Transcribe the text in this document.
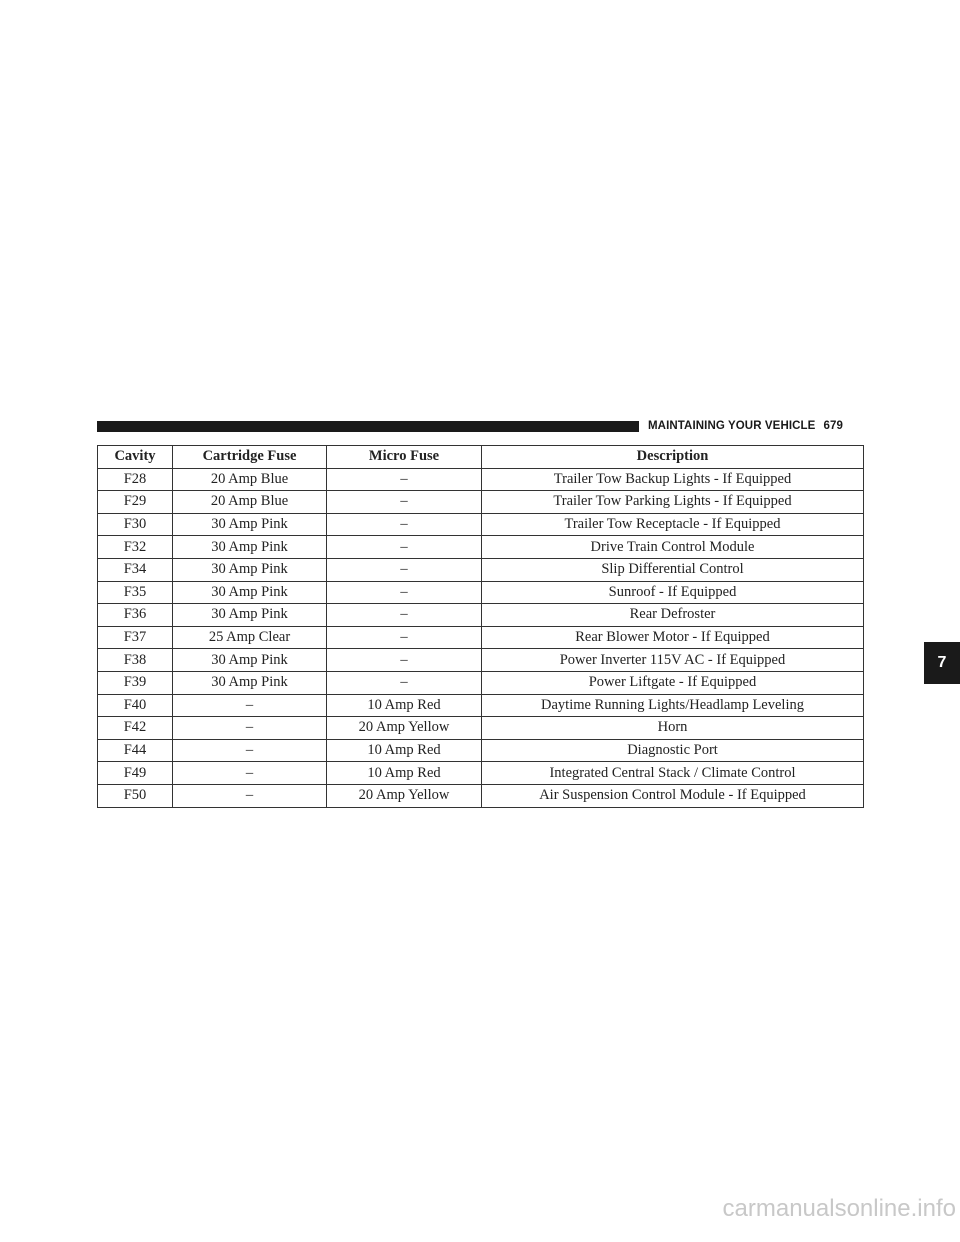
MAINTAINING YOUR VEHICLE 679
7
Cavity	Cartridge Fuse	Micro Fuse	Description
F28	20 Amp Blue	–	Trailer Tow Backup Lights - If Equipped
F29	20 Amp Blue	–	Trailer Tow Parking Lights - If Equipped
F30	30 Amp Pink	–	Trailer Tow Receptacle - If Equipped
F32	30 Amp Pink	–	Drive Train Control Module
F34	30 Amp Pink	–	Slip Differential Control
F35	30 Amp Pink	–	Sunroof - If Equipped
F36	30 Amp Pink	–	Rear Defroster
F37	25 Amp Clear	–	Rear Blower Motor - If Equipped
F38	30 Amp Pink	–	Power Inverter 115V AC - If Equipped
F39	30 Amp Pink	–	Power Liftgate - If Equipped
F40	–	10 Amp Red	Daytime Running Lights/Headlamp Leveling
F42	–	20 Amp Yellow	Horn
F44	–	10 Amp Red	Diagnostic Port
F49	–	10 Amp Red	Integrated Central Stack / Climate Control
F50	–	20 Amp Yellow	Air Suspension Control Module - If Equipped
carmanualsonline.info
